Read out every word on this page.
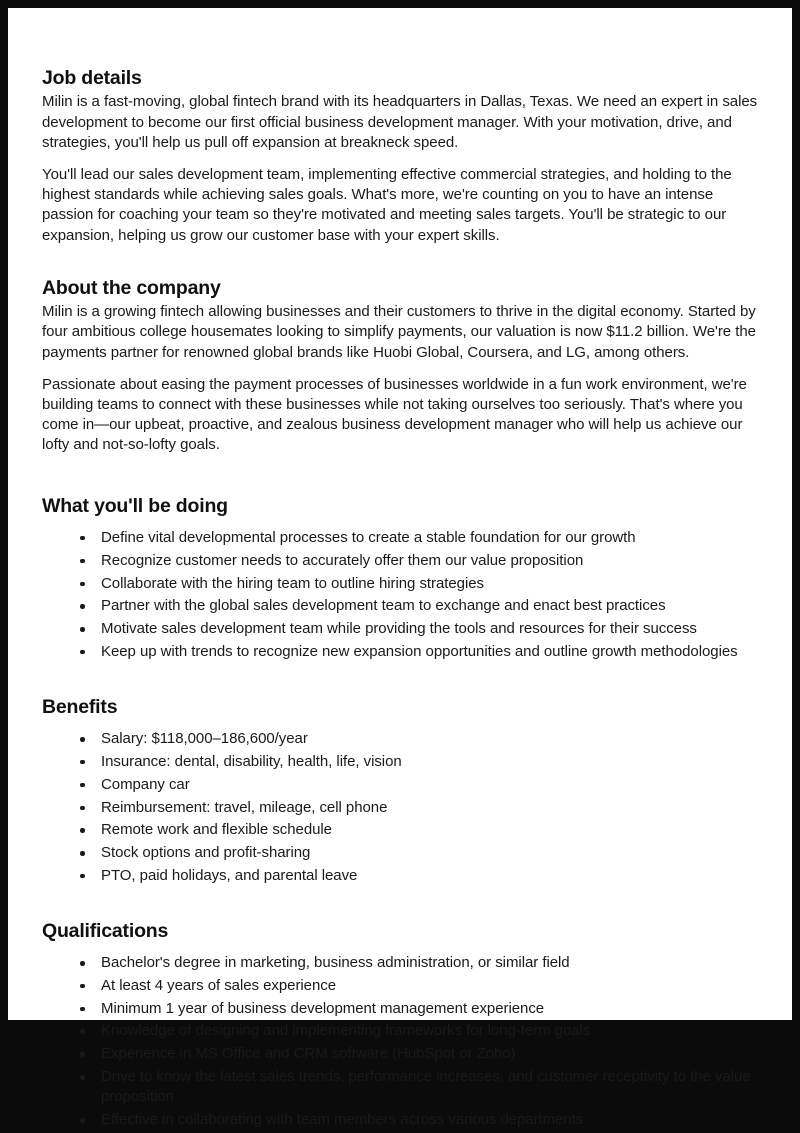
Job details

Milin is a fast-moving, global fintech brand with its headquarters in Dallas, Texas. We need an expert in sales development to become our first official business development manager. With your motivation, drive, and strategies, you'll help us pull off expansion at breakneck speed.

You'll lead our sales development team, implementing effective commercial strategies, and holding to the highest standards while achieving sales goals. What's more, we're counting on you to have an intense passion for coaching your team so they're motivated and meeting sales targets. You'll be strategic to our expansion, helping us grow our customer base with your expert skills.

About the company

Milin is a growing fintech allowing businesses and their customers to thrive in the digital economy. Started by four ambitious college housemates looking to simplify payments, our valuation is now $11.2 billion. We're the payments partner for renowned global brands like Huobi Global, Coursera, and LG, among others.

Passionate about easing the payment processes of businesses worldwide in a fun work environment, we're building teams to connect with these businesses while not taking ourselves too seriously. That's where you come in—our upbeat, proactive, and zealous business development manager who will help us achieve our lofty and not-so-lofty goals.

What you'll be doing
Define vital developmental processes to create a stable foundation for our growth
Recognize customer needs to accurately offer them our value proposition
Collaborate with the hiring team to outline hiring strategies
Partner with the global sales development team to exchange and enact best practices
Motivate sales development team while providing the tools and resources for their success
Keep up with trends to recognize new expansion opportunities and outline growth methodologies
Benefits
Salary: $118,000–186,600/year
Insurance: dental, disability, health, life, vision
Company car
Reimbursement: travel, mileage, cell phone
Remote work and flexible schedule
Stock options and profit-sharing
PTO, paid holidays, and parental leave
Qualifications
Bachelor's degree in marketing, business administration, or similar field
At least 4 years of sales experience
Minimum 1 year of business development management experience
Knowledge of designing and implementing frameworks for long-term goals
Experience in MS Office and CRM software (HubSpot or Zoho)
Drive to know the latest sales trends, performance increases, and customer receptivity to the value proposition
Effective in collaborating with team members across various departments
